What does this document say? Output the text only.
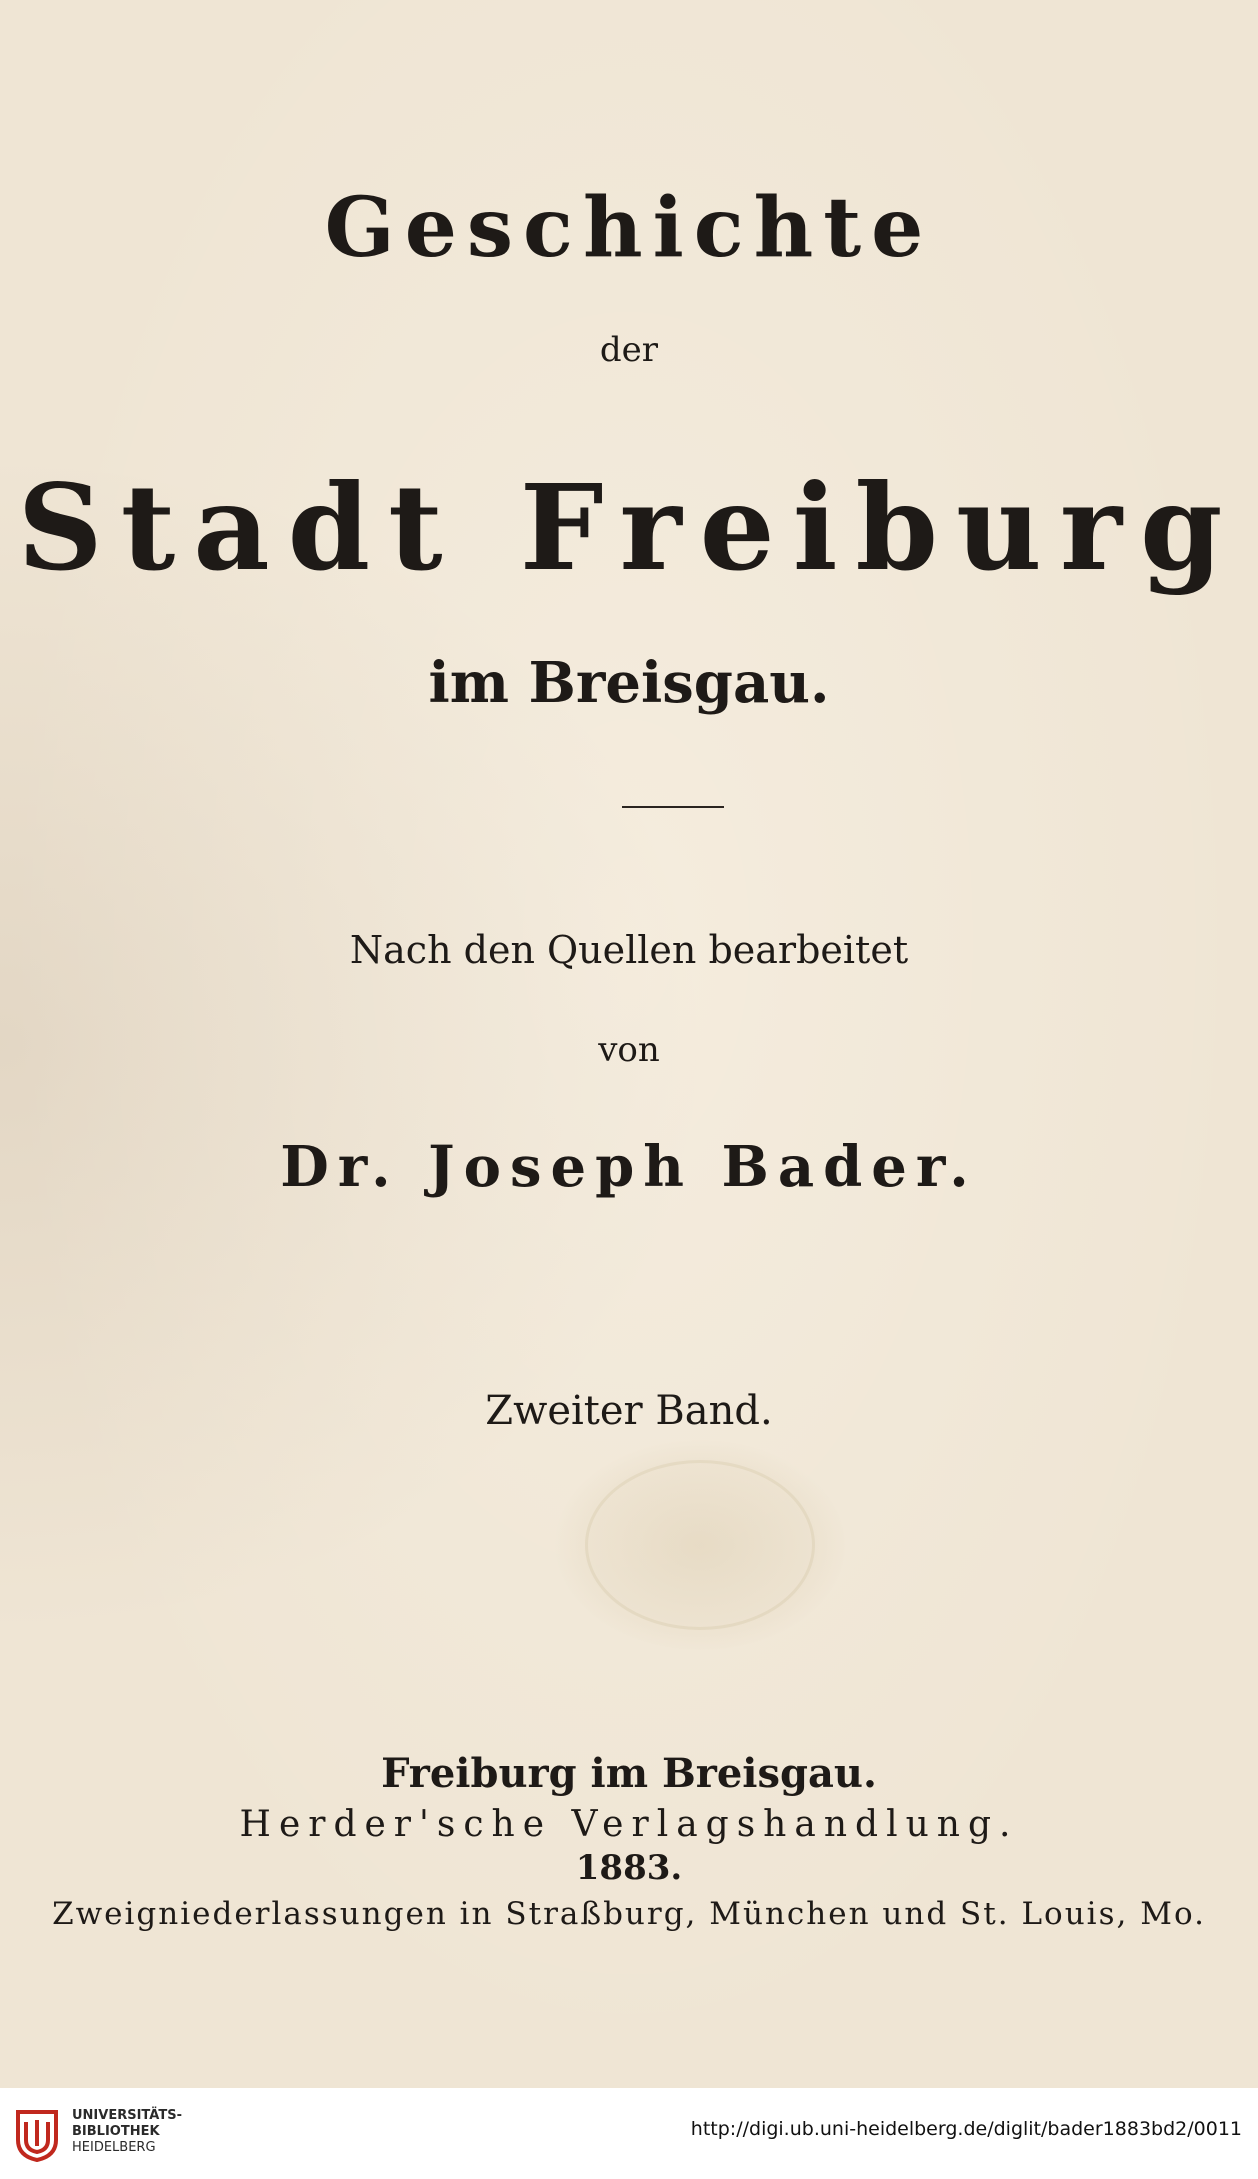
Geschichte
der
Stadt Freiburg
im Breisgau.
Nach den Quellen bearbeitet
von
Dr. Joseph Bader.
Zweiter Band.
Freiburg im Breisgau.
Herder'sche Verlagshandlung.
1883.
Zweigniederlassungen in Straßburg, München und St. Louis, Mo.
UNIVERSITÄTS-
BIBLIOTHEK
HEIDELBERG
http://digi.ub.uni-heidelberg.de/diglit/bader1883bd2/0011
